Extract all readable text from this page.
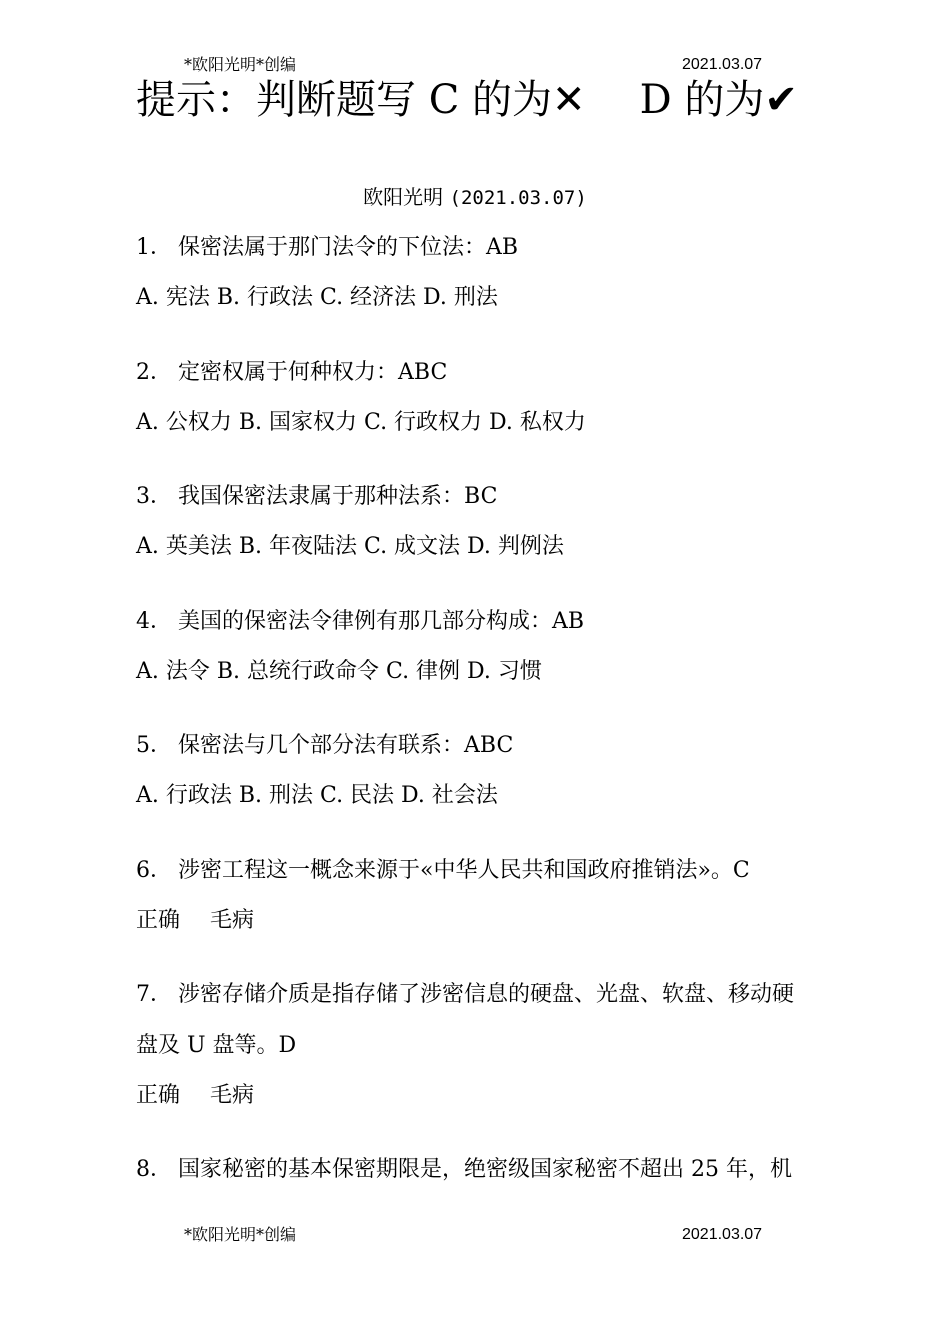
*欧阳光明*创编	2021.03.07
提示：判断题写 C 的为✕ D 的为✔
欧阳光明 (2021.03.07)
1． 保密法属于那门法令的下位法：AB
A. 宪法 B. 行政法 C. 经济法 D. 刑法
2． 定密权属于何种权力：ABC
A. 公权力 B. 国家权力 C. 行政权力 D. 私权力
3． 我国保密法隶属于那种法系：BC
A. 英美法 B. 年夜陆法 C. 成文法 D. 判例法
4． 美国的保密法令律例有那几部分构成：AB
A. 法令 B. 总统行政命令 C. 律例 D. 习惯
5． 保密法与几个部分法有联系：ABC
A. 行政法 B. 刑法 C. 民法 D. 社会法
6． 涉密工程这一概念来源于«中华人民共和国政府推销法»。C
正确 毛病
7． 涉密存储介质是指存储了涉密信息的硬盘、光盘、软盘、移动硬
盘及 U 盘等。D
正确 毛病
8． 国家秘密的基本保密期限是，绝密级国家秘密不超出 25 年，机
*欧阳光明*创编	2021.03.07
